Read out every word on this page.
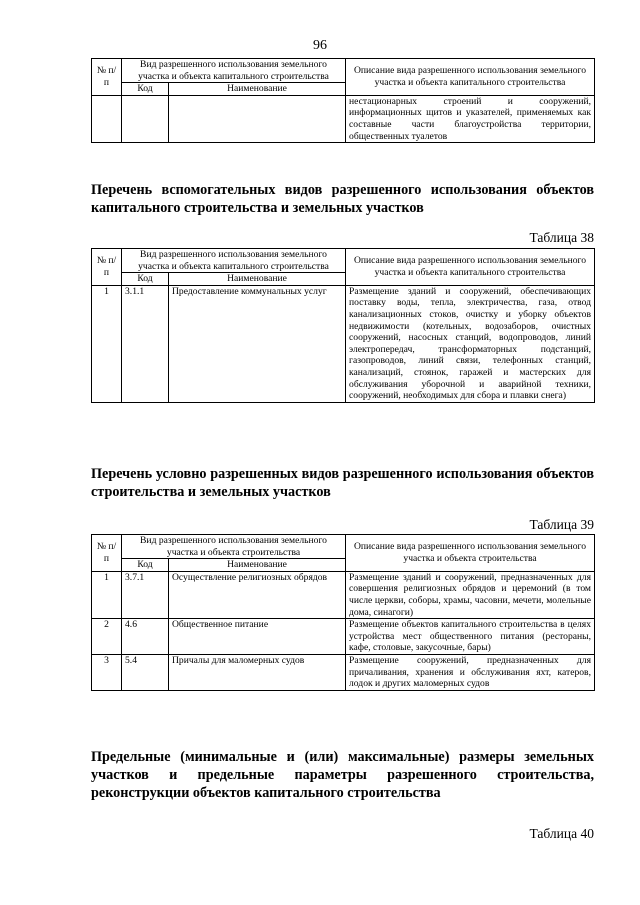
96
№ п/п	Вид разрешенного использования земельного участка и объекта капитального строительства		Описание вида разрешенного использования земельного участка и объекта капитального строительства
	Код	Наименование	
			нестационарных строений и сооружений, информационных щитов и указателей, применяемых как составные части благоустройства территории, общественных туалетов
Перечень вспомогательных видов разрешенного использования объектов капитального строительства и земельных участков
Таблица 38
№ п/п	Вид разрешенного использования земельного участка и объекта капитального строительства		Описание вида разрешенного использования земельного участка и объекта капитального строительства
	Код	Наименование	
1	3.1.1	Предоставление коммунальных услуг	Размещение зданий и сооружений, обеспечивающих поставку воды, тепла, электричества, газа, отвод канализационных стоков, очистку и уборку объектов недвижимости (котельных, водозаборов, очистных сооружений, насосных станций, водопроводов, линий электропередач, трансформаторных подстанций, газопроводов, линий связи, телефонных станций, канализаций, стоянок, гаражей и мастерских для обслуживания уборочной и аварийной техники, сооружений, необходимых для сбора и плавки снега)
Перечень условно разрешенных видов разрешенного использования объектов строительства и земельных участков
Таблица 39
№ п/п	Вид разрешенного использования земельного участка и объекта строительства		Описание вида разрешенного использования земельного участка и объекта строительства
	Код	Наименование	
1	3.7.1	Осуществление религиозных обрядов	Размещение зданий и сооружений, предназначенных для совершения религиозных обрядов и церемоний (в том числе церкви, соборы, храмы, часовни, мечети, молельные дома, синагоги)
2	4.6	Общественное питание	Размещение объектов капитального строительства в целях устройства мест общественного питания (рестораны, кафе, столовые, закусочные, бары)
3	5.4	Причалы для маломерных судов	Размещение сооружений, предназначенных для причаливания, хранения и обслуживания яхт, катеров, лодок и других маломерных судов
Предельные (минимальные и (или) максимальные) размеры земельных участков и предельные параметры разрешенного строительства, реконструкции объектов капитального строительства
Таблица 40
